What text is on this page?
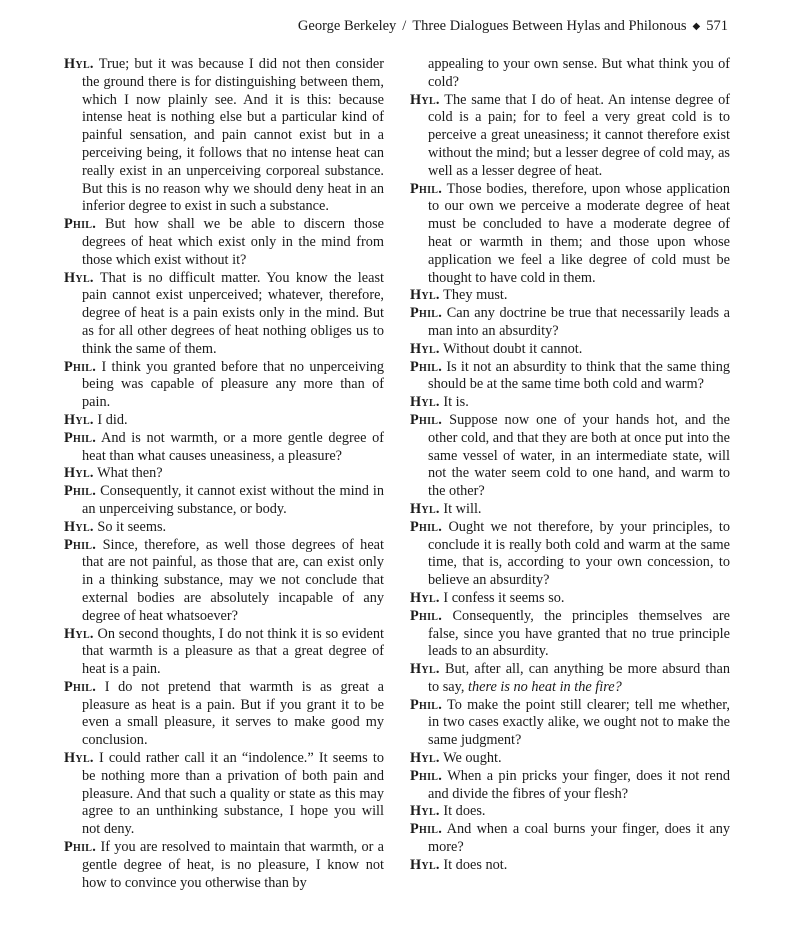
George Berkeley / Three Dialogues Between Hylas and Philonous ◆ 571

Hyl. True; but it was because I did not then consider the ground there is for distinguishing between them, which I now plainly see. And it is this: because intense heat is nothing else but a particular kind of painful sensation, and pain cannot exist but in a perceiving being, it follows that no intense heat can really exist in an unperceiving corporeal substance. But this is no reason why we should deny heat in an inferior degree to exist in such a substance.

Phil. But how shall we be able to discern those degrees of heat which exist only in the mind from those which exist without it?

Hyl. That is no difficult matter. You know the least pain cannot exist unperceived; whatever, therefore, degree of heat is a pain exists only in the mind. But as for all other degrees of heat nothing obliges us to think the same of them.

Phil. I think you granted before that no unperceiving being was capable of pleasure any more than of pain.

Hyl. I did.

Phil. And is not warmth, or a more gentle degree of heat than what causes uneasiness, a pleasure?

Hyl. What then?

Phil. Consequently, it cannot exist without the mind in an unperceiving substance, or body.

Hyl. So it seems.

Phil. Since, therefore, as well those degrees of heat that are not painful, as those that are, can exist only in a thinking substance, may we not conclude that external bodies are absolutely incapable of any degree of heat whatsoever?

Hyl. On second thoughts, I do not think it is so evident that warmth is a pleasure as that a great degree of heat is a pain.

Phil. I do not pretend that warmth is as great a pleasure as heat is a pain. But if you grant it to be even a small pleasure, it serves to make good my conclusion.

Hyl. I could rather call it an “indolence.” It seems to be nothing more than a privation of both pain and pleasure. And that such a quality or state as this may agree to an unthinking substance, I hope you will not deny.

Phil. If you are resolved to maintain that warmth, or a gentle degree of heat, is no pleasure, I know not how to convince you otherwise than by

appealing to your own sense. But what think you of cold?

Hyl. The same that I do of heat. An intense degree of cold is a pain; for to feel a very great cold is to perceive a great uneasiness; it cannot therefore exist without the mind; but a lesser degree of cold may, as well as a lesser degree of heat.

Phil. Those bodies, therefore, upon whose application to our own we perceive a moderate degree of heat must be concluded to have a moderate degree of heat or warmth in them; and those upon whose application we feel a like degree of cold must be thought to have cold in them.

Hyl. They must.

Phil. Can any doctrine be true that necessarily leads a man into an absurdity?

Hyl. Without doubt it cannot.

Phil. Is it not an absurdity to think that the same thing should be at the same time both cold and warm?

Hyl. It is.

Phil. Suppose now one of your hands hot, and the other cold, and that they are both at once put into the same vessel of water, in an intermediate state, will not the water seem cold to one hand, and warm to the other?

Hyl. It will.

Phil. Ought we not therefore, by your principles, to conclude it is really both cold and warm at the same time, that is, according to your own concession, to believe an absurdity?

Hyl. I confess it seems so.

Phil. Consequently, the principles themselves are false, since you have granted that no true principle leads to an absurdity.

Hyl. But, after all, can anything be more absurd than to say, there is no heat in the fire?

Phil. To make the point still clearer; tell me whether, in two cases exactly alike, we ought not to make the same judgment?

Hyl. We ought.

Phil. When a pin pricks your finger, does it not rend and divide the fibres of your flesh?

Hyl. It does.

Phil. And when a coal burns your finger, does it any more?

Hyl. It does not.
